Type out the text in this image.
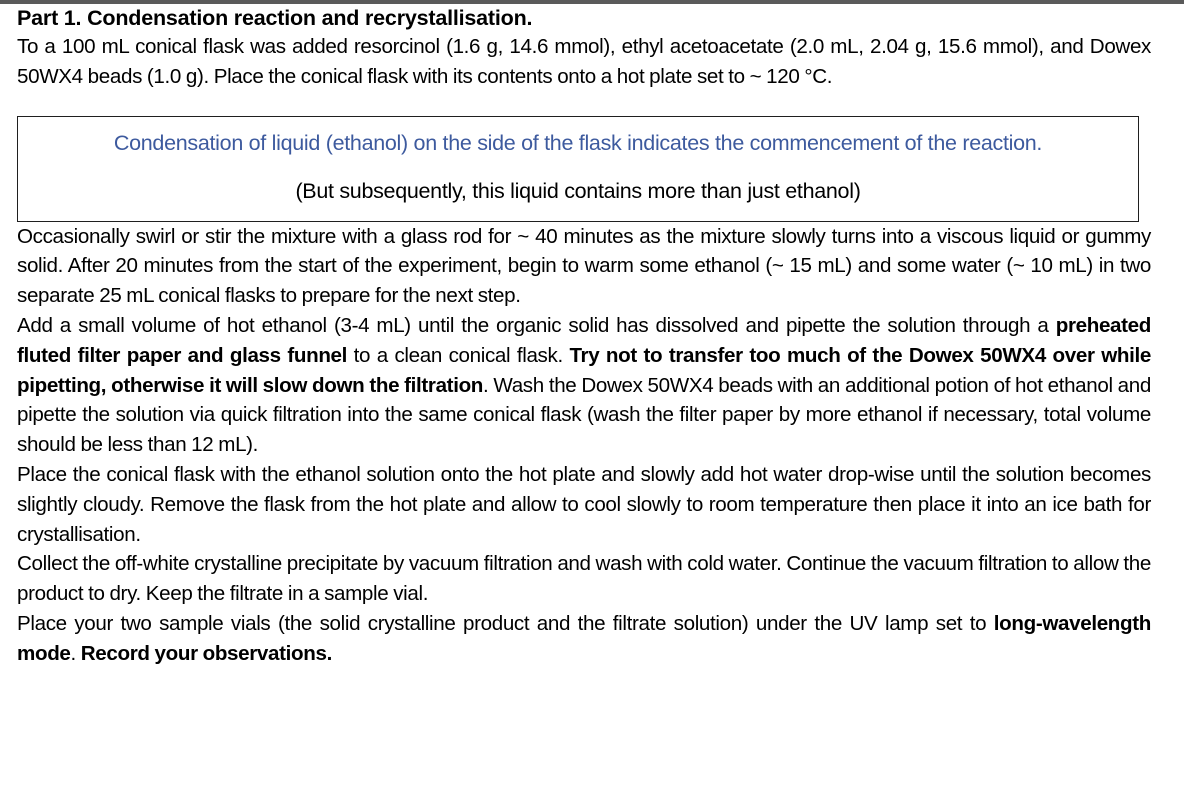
Part 1. Condensation reaction and recrystallisation.

To a 100 mL conical flask was added resorcinol (1.6 g, 14.6 mmol), ethyl acetoacetate (2.0 mL, 2.04 g, 15.6 mmol), and Dowex 50WX4 beads (1.0 g). Place the conical flask with its contents onto a hot plate set to ~ 120 °C.

Condensation of liquid (ethanol) on the side of the flask indicates the commencement of the reaction.
(But subsequently, this liquid contains more than just ethanol)

Occasionally swirl or stir the mixture with a glass rod for ~ 40 minutes as the mixture slowly turns into a viscous liquid or gummy solid. After 20 minutes from the start of the experiment, begin to warm some ethanol (~ 15 mL) and some water (~ 10 mL) in two separate 25 mL conical flasks to prepare for the next step.

Add a small volume of hot ethanol (3-4 mL) until the organic solid has dissolved and pipette the solution through a preheated fluted filter paper and glass funnel to a clean conical flask. Try not to transfer too much of the Dowex 50WX4 over while pipetting, otherwise it will slow down the filtration. Wash the Dowex 50WX4 beads with an additional potion of hot ethanol and pipette the solution via quick filtration into the same conical flask (wash the filter paper by more ethanol if necessary, total volume should be less than 12 mL).

Place the conical flask with the ethanol solution onto the hot plate and slowly add hot water drop-wise until the solution becomes slightly cloudy. Remove the flask from the hot plate and allow to cool slowly to room temperature then place it into an ice bath for crystallisation.

Collect the off-white crystalline precipitate by vacuum filtration and wash with cold water. Continue the vacuum filtration to allow the product to dry. Keep the filtrate in a sample vial.

Place your two sample vials (the solid crystalline product and the filtrate solution) under the UV lamp set to long-wavelength mode. Record your observations.
